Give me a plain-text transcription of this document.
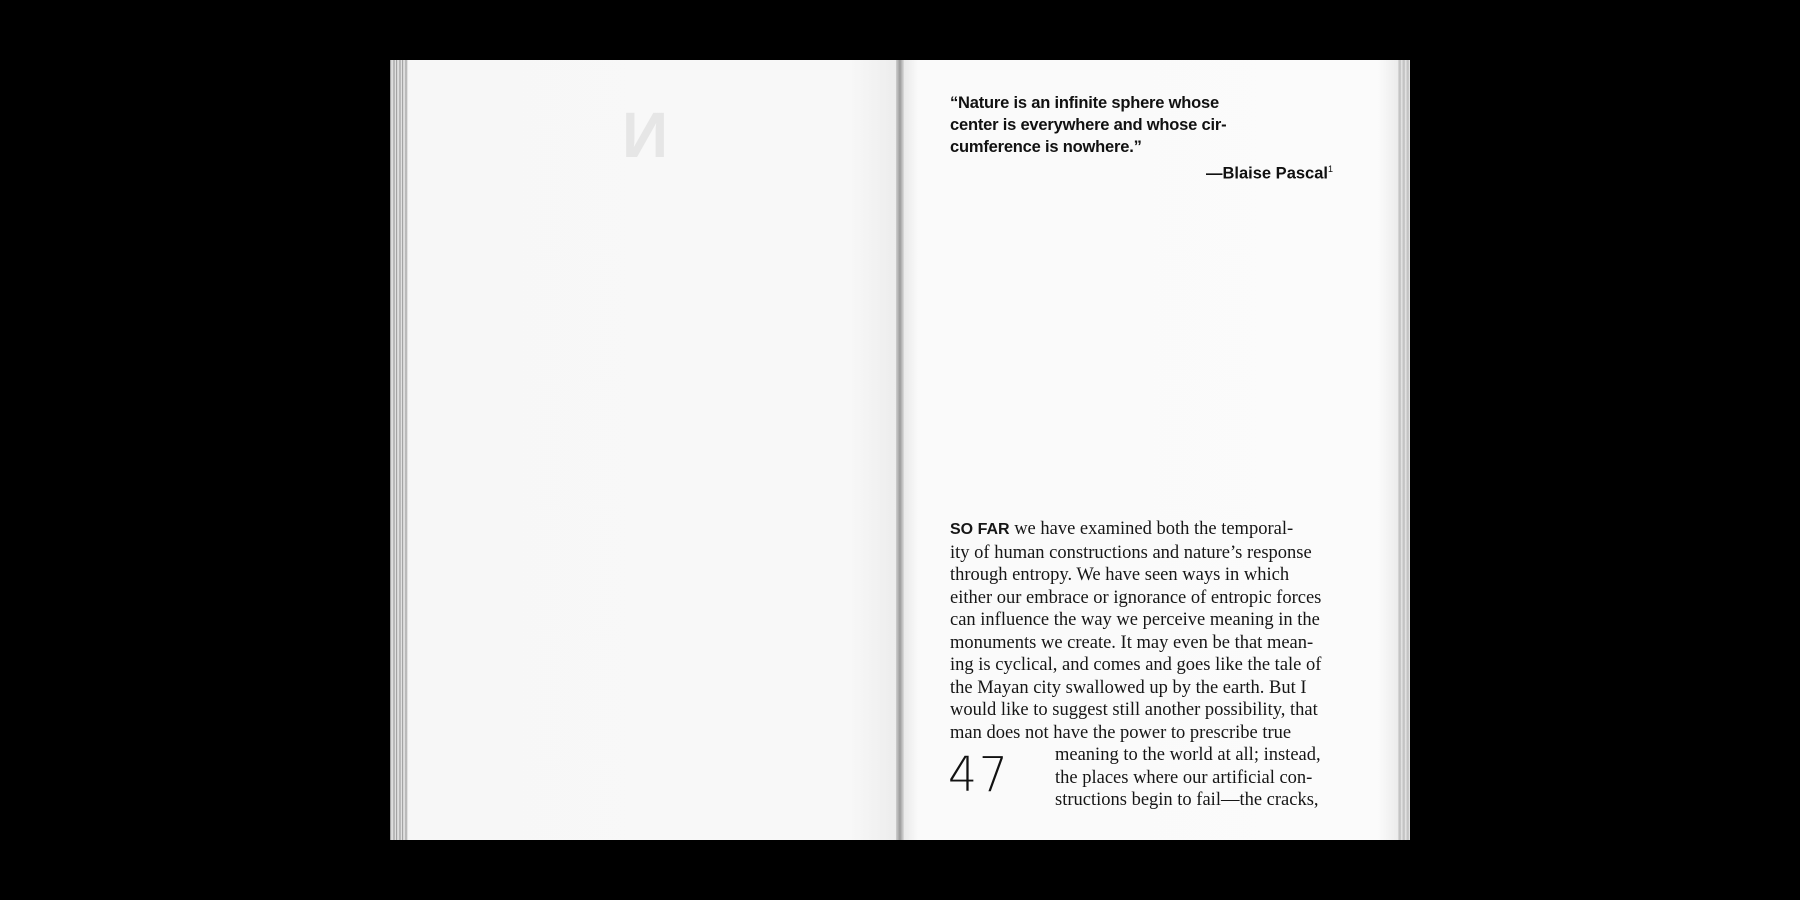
N	“Nature is an infinite sphere whose
center is everywhere and whose cir-
cumference is nowhere.”
—Blaise Pascal$^1$
SO FAR we have examined both the temporal-
ity of human constructions and nature’s response
through entropy. We have seen ways in which
either our embrace or ignorance of entropic forces
can influence the way we perceive meaning in the
monuments we create. It may even be that mean-
ing is cyclical, and comes and goes like the tale of
the Mayan city swallowed up by the earth. But I
would like to suggest still another possibility, that
man does not have the power to prescribe true
meaning to the world at all; instead,
the places where our artificial con-
structions begin to fail—the cracks,
47
